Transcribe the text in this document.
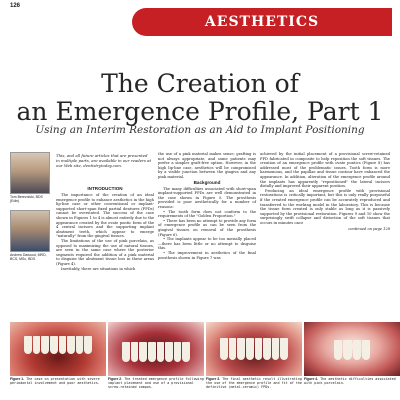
126
AESTHETICS
The Creation of
an Emergence Profile, Part 1
Using an Interim Restoration as an Aid to Implant Positioning
Tom Bereznicki, BDS (Edin)
Andrew Dawood, MRD, BCS, MSc, BDS
This, and all future articles that are presented in multiple parts, are available in our readers at our Web site, dentistrytoday.com.
INTRODUCTION

The importance of the creation of an ideal emergence profile to enhance aesthetics in the high lip-line case or other conventional or implant-supported short-span fixed partial dentures (FPDs) cannot be overstated. The success of the case shown in Figures 1 to 4 is almost entirely due to the appearance created by the ovate pontic form of the 4 central incisors and the supporting implant abutment teeth, which appear to emerge "naturally" from the gingival tissues.

The limitations of the use of pink porcelain, as opposed to maximizing the use of natural tissues, are seen in the same case where the posterior segments required the addition of a pink material to disguise the abutment tissue loss in these areas (Figure 4).

Inevitably, there are situations in which

the use of a pink material makes sense; grafting is not always appropriate, and some patients may prefer a simpler graft-free option. However, in the high lip-line case, aesthetics will be compromised by a visible junction between the gingiva and any pink material.

Background

The many difficulties associated with short-span implant-supported FPDs are well demonstrated in the case shown in Figure 5. The prosthesis provided is poor aesthetically for a number of reasons:

• The tooth form does not conform to the requirements of the "Golden Proportion."

• There has been no attempt to provide any form of emergence profile as can be seen from the gingival tissues on removal of the prosthesis (Figure 6).

• The implants appear to be too mesially placed—there has been little or no attempt to disguise this.

• The improvement in aesthetics of the final prosthesis shown in Figure 7 was

achieved by the initial placement of a provisional screw-retained FPD fabricated in composite to help reposition the soft tissues. The creation of an emergence profile with ovate pontics (Figure 8) has addressed most of the problematic issues. Tooth form is more harmonious, and the papillae and tissue contour have enhanced the appearance. In addition, alteration of the emergence profile around the implants has apparently "repositioned" the lateral incisors distally and improved their apparent position.

Producing an ideal emergence profile with provisional restorations is critically important, but this is only really purposeful if the created emergence profile can be accurately reproduced and transferred to the working model in the laboratory. This is because the tissue form created is only stable as long as it is passively supported by the provisional restoration. Figures 9 and 10 show the surprisingly swift collapse and distortion of the soft tissues that occurs in minutes once

continued on page 128
Figure 1. The case on presentation with severe periodontal involvement and poor aesthetics.
Figure 2. The treated emergence profile following implant placement and use of a provisional screw-retained compos.
Figure 3. The final aesthetic result illustrating the use of the emergence profile and fit of the definitive (metal-ceramic) FPDs.
Figure 4. The aesthetic difficulties associated with pink porcelain.
